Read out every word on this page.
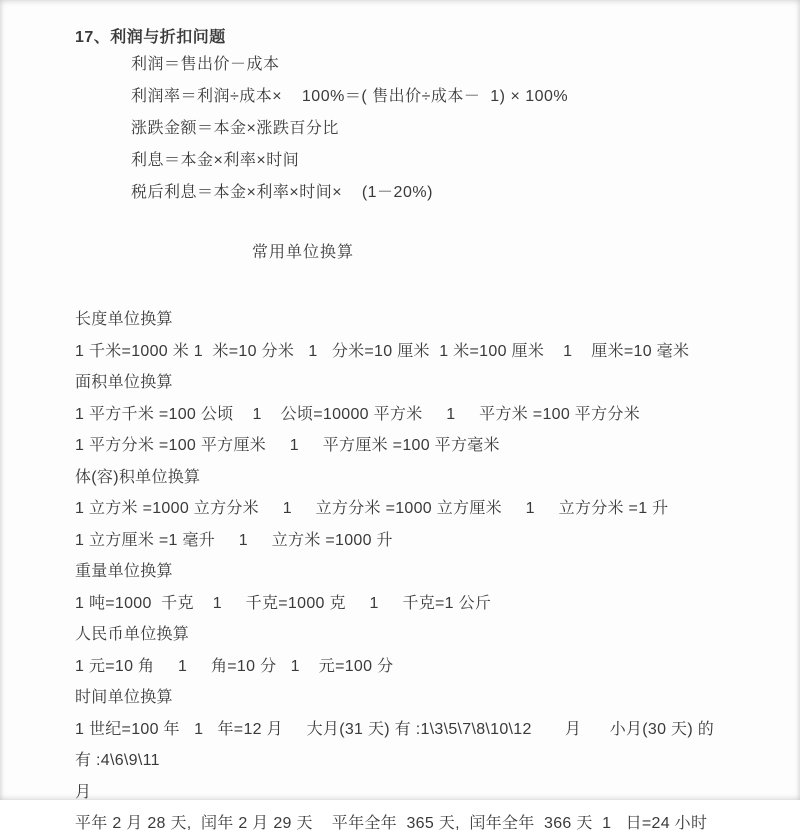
17、利润与折扣问题

利润＝售出价－成本

利润率＝利润÷成本×    100%＝( 售出价÷成本－  1) × 100%

涨跌金额＝本金×涨跌百分比

利息＝本金×利率×时间

税后利息＝本金×利率×时间×    (1－20%)

常用单位换算

长度单位换算

1 千米=1000 米 1  米=10 分米   1   分米=10 厘米  1 米=100 厘米    1    厘米=10 毫米

面积单位换算

1 平方千米 =100 公顷    1    公顷=10000 平方米     1     平方米 =100 平方分米

1 平方分米 =100 平方厘米     1     平方厘米 =100 平方毫米

体(容)积单位换算

1 立方米 =1000 立方分米     1     立方分米 =1000 立方厘米     1     立方分米 =1 升

1 立方厘米 =1 毫升     1     立方米 =1000 升

重量单位换算

1 吨=1000  千克    1     千克=1000 克     1     千克=1 公斤

人民币单位换算

1 元=10 角     1     角=10 分   1    元=100 分

时间单位换算

1 世纪=100 年   1   年=12 月     大月(31 天) 有 :1\3\5\7\8\10\12       月      小月(30 天) 的有 :4\6\9\11

月

平年 2 月 28 天,  闰年 2 月 29 天    平年全年  365 天,  闰年全年  366 天  1   日=24 小时
